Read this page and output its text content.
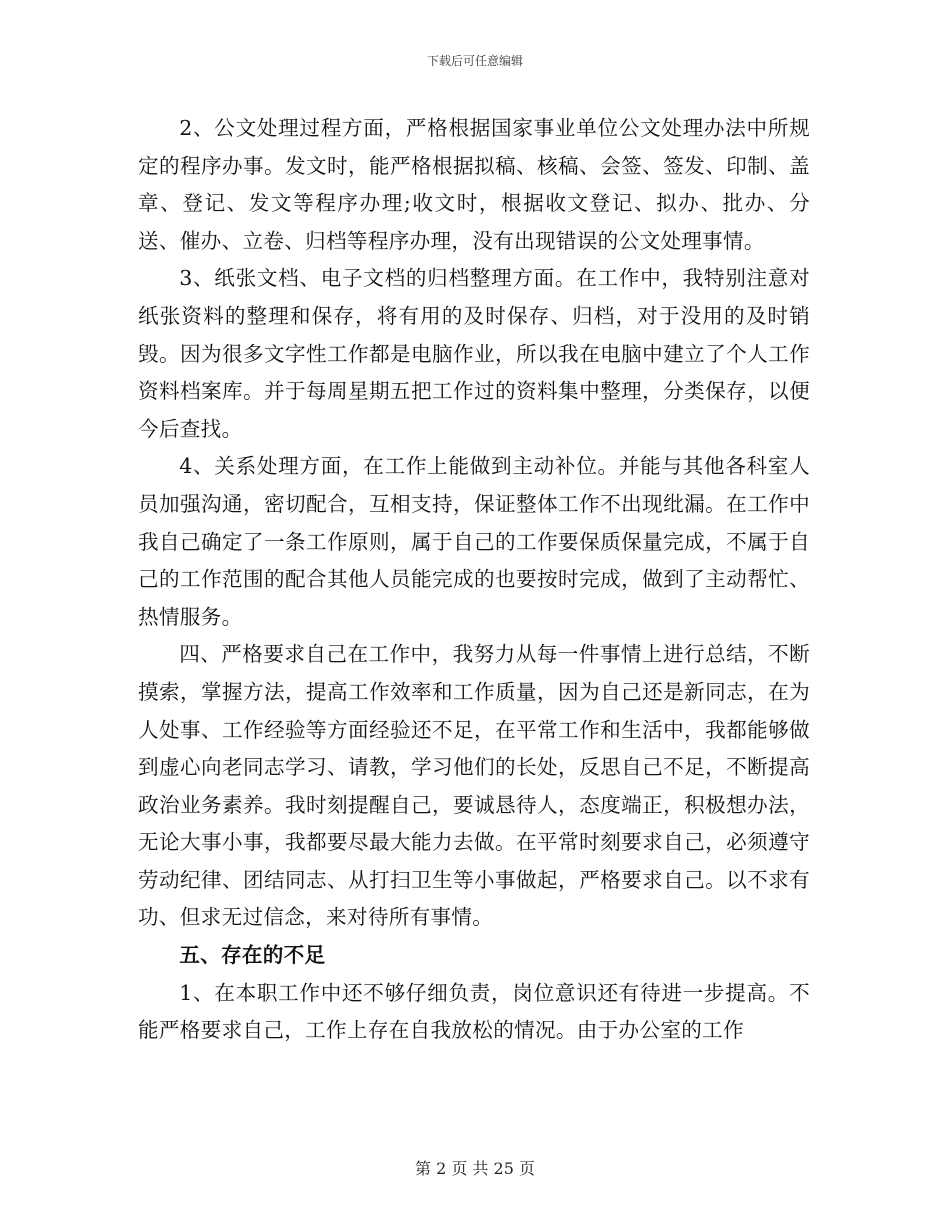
下载后可任意编辑

2、公文处理过程方面，严格根据国家事业单位公文处理办法中所规定的程序办事。发文时，能严格根据拟稿、核稿、会签、签发、印制、盖章、登记、发文等程序办理;收文时，根据收文登记、拟办、批办、分送、催办、立卷、归档等程序办理，没有出现错误的公文处理事情。

3、纸张文档、电子文档的归档整理方面。在工作中，我特别注意对纸张资料的整理和保存，将有用的及时保存、归档，对于没用的及时销毁。因为很多文字性工作都是电脑作业，所以我在电脑中建立了个人工作资料档案库。并于每周星期五把工作过的资料集中整理，分类保存，以便今后查找。

4、关系处理方面，在工作上能做到主动补位。并能与其他各科室人员加强沟通，密切配合，互相支持，保证整体工作不出现纰漏。在工作中我自己确定了一条工作原则，属于自己的工作要保质保量完成，不属于自己的工作范围的配合其他人员能完成的也要按时完成，做到了主动帮忙、热情服务。

四、严格要求自己在工作中，我努力从每一件事情上进行总结，不断摸索，掌握方法，提高工作效率和工作质量，因为自己还是新同志，在为人处事、工作经验等方面经验还不足，在平常工作和生活中，我都能够做到虚心向老同志学习、请教，学习他们的长处，反思自己不足，不断提高政治业务素养。我时刻提醒自己，要诚恳待人，态度端正，积极想办法，无论大事小事，我都要尽最大能力去做。在平常时刻要求自己，必须遵守劳动纪律、团结同志、从打扫卫生等小事做起，严格要求自己。以不求有功、但求无过信念，来对待所有事情。

五、存在的不足

1、在本职工作中还不够仔细负责，岗位意识还有待进一步提高。不能严格要求自己，工作上存在自我放松的情况。由于办公室的工作

第 2 页 共 25 页
